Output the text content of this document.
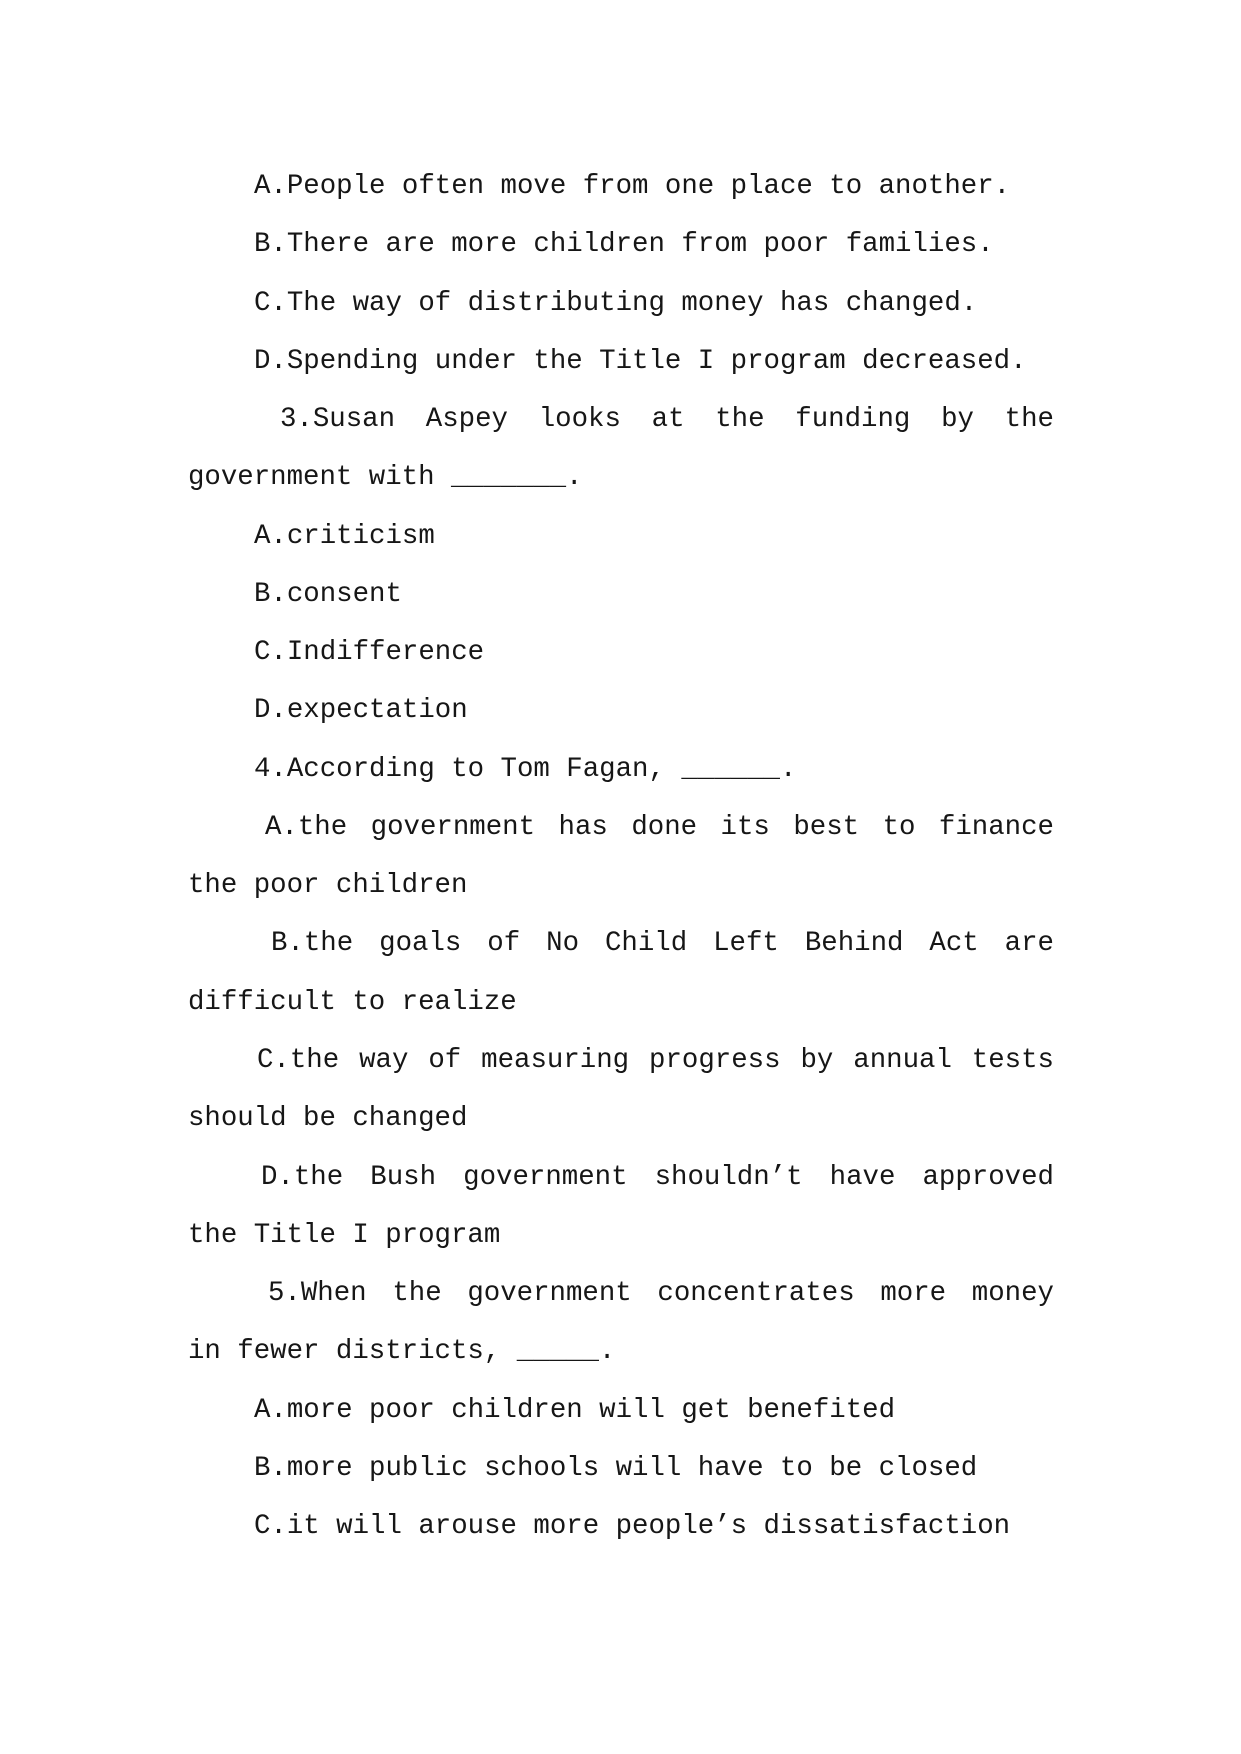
A.People often move from one place to another.
B.There are more children from poor families.
C.The way of distributing money has changed.
D.Spending under the Title I program decreased.
3.Susan Aspey looks at the funding by the
government with _______.
A.criticism
B.consent
C.Indifference
D.expectation
4.According to Tom Fagan, ______.
A.the government has done its best to finance
the poor children
B.the goals of No Child Left Behind Act are
difficult to realize
C.the way of measuring progress by annual tests
should be changed
D.the Bush government shouldn’t have approved
the Title I program
5.When the government concentrates more money
in fewer districts, _____.
A.more poor children will get benefited
B.more public schools will have to be closed
C.it will arouse more people’s dissatisfaction
